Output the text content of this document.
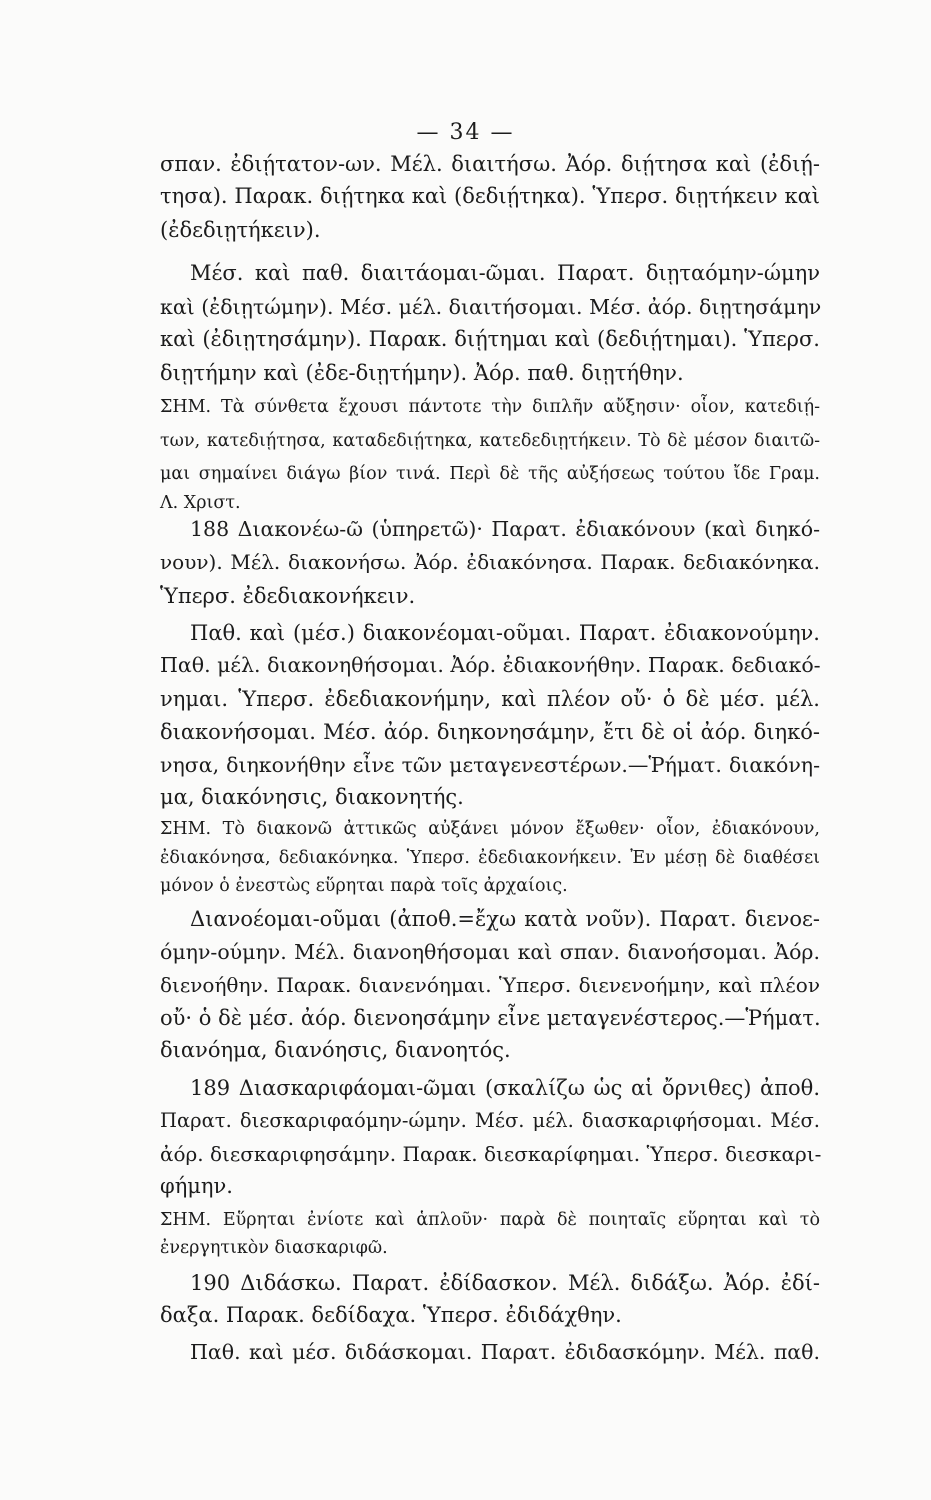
— 34 —
σπαν. ἐδιῄτατον-ων. Μέλ. διαιτήσω. Ἀόρ. διῄτησα καὶ (ἐδιῄ-
τησα). Παρακ. διῄτηκα καὶ (δεδιῄτηκα). Ὑπερσ. διῃτήκειν καὶ
(ἐδεδιῃτήκειν).
Μέσ. καὶ παθ. διαιτάομαι-ῶμαι. Παρατ. διῃταόμην-ώμην
καὶ (ἐδιῃτώμην). Μέσ. μέλ. διαιτήσομαι. Μέσ. ἀόρ. διῃτησάμην
καὶ (ἐδιῃτησάμην). Παρακ. διῄτημαι καὶ (δεδιῄτημαι). Ὑπερσ.
διῃτήμην καὶ (ἐδε-διῃτήμην). Ἀόρ. παθ. διῃτήθην.
ΣΗΜ. Τὰ σύνθετα ἔχουσι πάντοτε τὴν διπλῆν αὔξησιν· οἷον, κατεδιῄ-
των, κατεδιῄτησα, καταδεδιῄτηκα, κατεδεδιῃτήκειν. Τὸ δὲ μέσον διαιτῶ-
μαι σημαίνει διάγω βίον τινά. Περὶ δὲ τῆς αὐξήσεως τούτου ἴδε Γραμ.
Λ. Χριστ.
188 Διακονέω-ῶ (ὑπηρετῶ)· Παρατ. ἐδιακόνουν (καὶ διηκό-
νουν). Μέλ. διακονήσω. Ἀόρ. ἐδιακόνησα. Παρακ. δεδιακόνηκα.
Ὑπερσ. ἐδεδιακονήκειν.
Παθ. καὶ (μέσ.) διακονέομαι-οῦμαι. Παρατ. ἐδιακονούμην.
Παθ. μέλ. διακονηθήσομαι. Ἀόρ. ἐδιακονήθην. Παρακ. δεδιακό-
νημαι. Ὑπερσ. ἐδεδιακονήμην, καὶ πλέον οὔ· ὁ δὲ μέσ. μέλ.
διακονήσομαι. Μέσ. ἀόρ. διηκονησάμην, ἔτι δὲ οἱ ἀόρ. διηκό-
νησα, διηκονήθην εἶνε τῶν μεταγενεστέρων.—Ῥήματ. διακόνη-
μα, διακόνησις, διακονητής.
ΣΗΜ. Τὸ διακονῶ ἀττικῶς αὐξάνει μόνον ἔξωθεν· οἷον, ἐδιακόνουν,
ἐδιακόνησα, δεδιακόνηκα. Ὑπερσ. ἐδεδιακονήκειν. Ἐν μέσῃ δὲ διαθέσει
μόνον ὁ ἐνεστὼς εὕρηται παρὰ τοῖς ἀρχαίοις.
Διανοέομαι-οῦμαι (ἀποθ.=ἔχω κατὰ νοῦν). Παρατ. διενοε-
όμην-ούμην. Μέλ. διανοηθήσομαι καὶ σπαν. διανοήσομαι. Ἀόρ.
διενοήθην. Παρακ. διανενόημαι. Ὑπερσ. διενενοήμην, καὶ πλέον
οὔ· ὁ δὲ μέσ. ἀόρ. διενοησάμην εἶνε μεταγενέστερος.—Ῥήματ.
διανόημα, διανόησις, διανοητός.
189 Διασκαριφάομαι-ῶμαι (σκαλίζω ὡς αἱ ὄρνιθες) ἀποθ.
Παρατ. διεσκαριφαόμην-ώμην. Μέσ. μέλ. διασκαριφήσομαι. Μέσ.
ἀόρ. διεσκαριφησάμην. Παρακ. διεσκαρίφημαι. Ὑπερσ. διεσκαρι-
φήμην.
ΣΗΜ. Εὕρηται ἐνίοτε καὶ ἁπλοῦν· παρὰ δὲ ποιηταῖς εὕρηται καὶ τὸ
ἐνεργητικὸν διασκαριφῶ.
190 Διδάσκω. Παρατ. ἐδίδασκον. Μέλ. διδάξω. Ἀόρ. ἐδί-
δαξα. Παρακ. δεδίδαχα. Ὑπερσ. ἐδιδάχθην.
Παθ. καὶ μέσ. διδάσκομαι. Παρατ. ἐδιδασκόμην. Μέλ. παθ.
